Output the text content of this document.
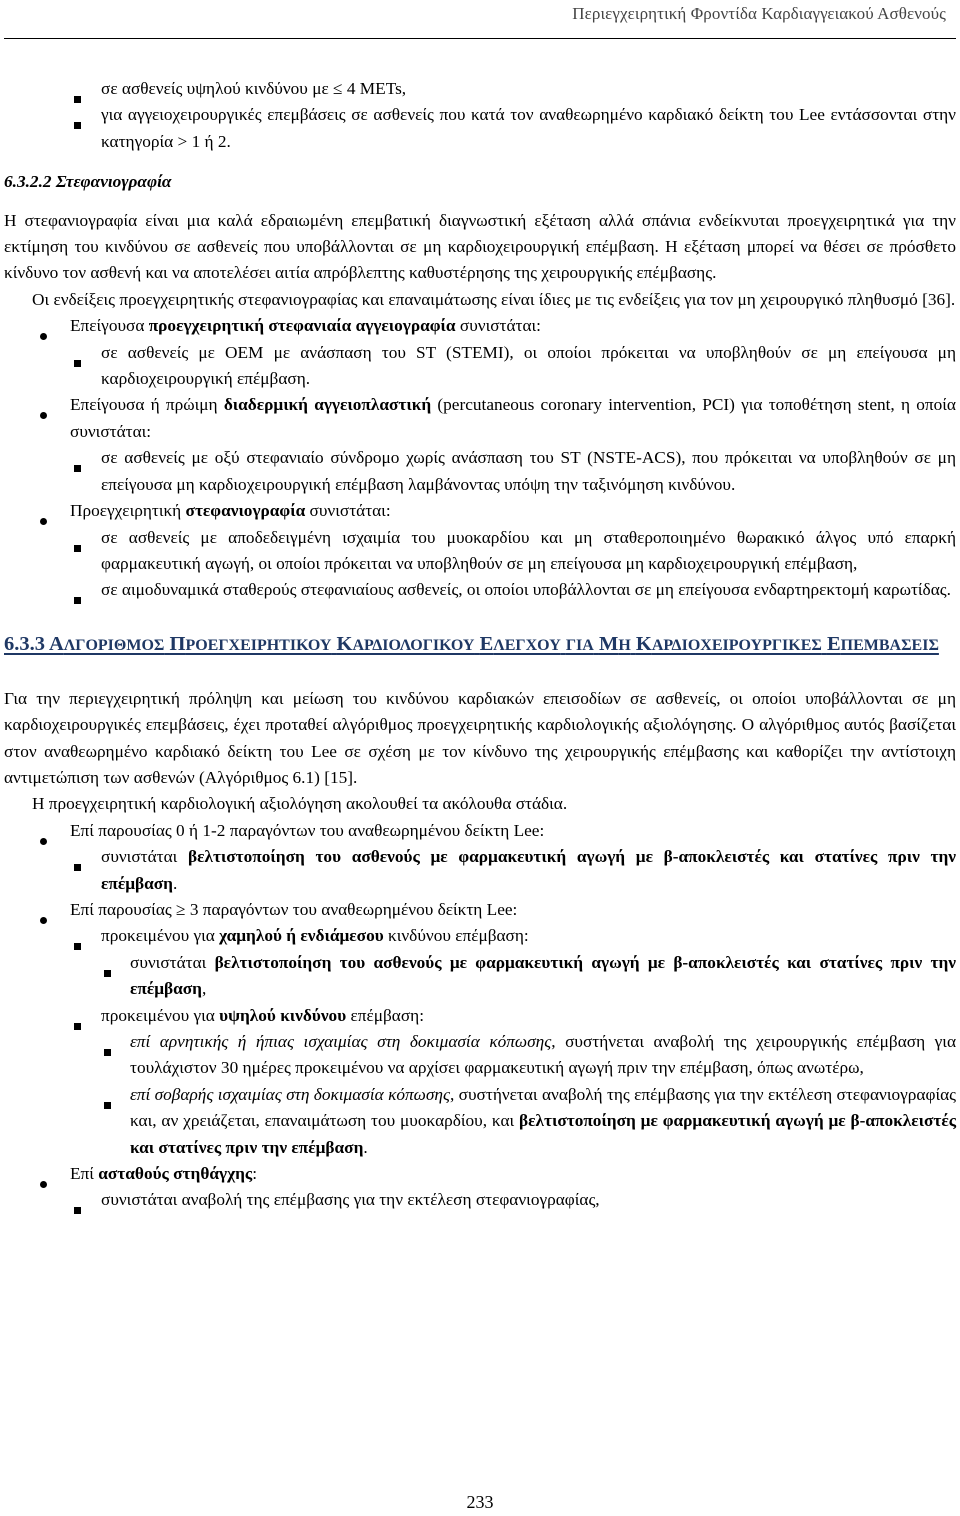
Περιεγχειρητική Φροντίδα Καρδιαγγειακού Ασθενούς
σε ασθενείς υψηλού κινδύνου με ≤ 4 METs,
για αγγειοχειρουργικές επεμβάσεις σε ασθενείς που κατά τον αναθεωρημένο καρδιακό δείκτη του Lee εντάσσονται στην κατηγορία > 1 ή 2.

6.3.2.2 Στεφανιογραφία

Η στεφανιογραφία είναι μια καλά εδραιωμένη επεμβατική διαγνωστική εξέταση αλλά σπάνια ενδείκνυται προεγχειρητικά για την εκτίμηση του κινδύνου σε ασθενείς που υποβάλλονται σε μη καρδιοχειρουργική επέμβαση. Η εξέταση μπορεί να θέσει σε πρόσθετο κίνδυνο τον ασθενή και να αποτελέσει αιτία απρόβλεπτης καθυστέρησης της χειρουργικής επέμβασης.

Οι ενδείξεις προεγχειρητικής στεφανιογραφίας και επαναιμάτωσης είναι ίδιες με τις ενδείξεις για τον μη χειρουργικό πληθυσμό [36].

Επείγουσα προεγχειρητική στεφανιαία αγγειογραφία συνιστάται:
σε ασθενείς με ΟΕΜ με ανάσπαση του ST (STEMI), οι οποίοι πρόκειται να υποβληθούν σε μη επείγουσα μη καρδιοχειρουργική επέμβαση.
Επείγουσα ή πρώιμη διαδερμική αγγειοπλαστική (percutaneous coronary intervention, PCI) για τοποθέτηση stent, η οποία συνιστάται:
σε ασθενείς με οξύ στεφανιαίο σύνδρομο χωρίς ανάσπαση του ST (NSTE-ACS), που πρόκειται να υποβληθούν σε μη επείγουσα μη καρδιοχειρουργική επέμβαση λαμβάνοντας υπόψη την ταξινόμηση κινδύνου.
Προεγχειρητική στεφανιογραφία συνιστάται:
σε ασθενείς με αποδεδειγμένη ισχαιμία του μυοκαρδίου και μη σταθεροποιημένο θωρακικό άλγος υπό επαρκή φαρμακευτική αγωγή, οι οποίοι πρόκειται να υποβληθούν σε μη επείγουσα μη καρδιοχειρουργική επέμβαση,
σε αιμοδυναμικά σταθερούς στεφανιαίους ασθενείς, οι οποίοι υποβάλλονται σε μη επείγουσα ενδαρτηρεκτομή καρωτίδας.

6.3.3 ΑΛΓΟΡΙΘΜΟΣ ΠΡΟΕΓΧΕΙΡΗΤΙΚΟΥ ΚΑΡΔΙΟΛΟΓΙΚΟΥ ΕΛΕΓΧΟΥ ΓΙΑ ΜΗ ΚΑΡΔΙΟΧΕΙΡΟΥΡΓΙΚΕΣ ΕΠΕΜΒΑΣΕΙΣ

Για την περιεγχειρητική πρόληψη και μείωση του κινδύνου καρδιακών επεισοδίων σε ασθενείς, οι οποίοι υποβάλλονται σε μη καρδιοχειρουργικές επεμβάσεις, έχει προταθεί αλγόριθμος προεγχειρητικής καρδιολογικής αξιολόγησης. Ο αλγόριθμος αυτός βασίζεται στον αναθεωρημένο καρδιακό δείκτη του Lee σε σχέση με τον κίνδυνο της χειρουργικής επέμβασης και καθορίζει την αντίστοιχη αντιμετώπιση των ασθενών (Αλγόριθμος 6.1) [15].

Η προεγχειρητική καρδιολογική αξιολόγηση ακολουθεί τα ακόλουθα στάδια.

Επί παρουσίας 0 ή 1-2 παραγόντων του αναθεωρημένου δείκτη Lee:
συνιστάται βελτιστοποίηση του ασθενούς με φαρμακευτική αγωγή με β-αποκλειστές και στατίνες πριν την επέμβαση.
Επί παρουσίας ≥ 3 παραγόντων του αναθεωρημένου δείκτη Lee:
προκειμένου για χαμηλού ή ενδιάμεσου κινδύνου επέμβαση:
συνιστάται βελτιστοποίηση του ασθενούς με φαρμακευτική αγωγή με β-αποκλειστές και στατίνες πριν την επέμβαση,
προκειμένου για υψηλού κινδύνου επέμβαση:
επί αρνητικής ή ήπιας ισχαιμίας στη δοκιμασία κόπωσης, συστήνεται αναβολή της χειρουργικής επέμβαση για τουλάχιστον 30 ημέρες προκειμένου να αρχίσει φαρμακευτική αγωγή πριν την επέμβαση, όπως ανωτέρω,
επί σοβαρής ισχαιμίας στη δοκιμασία κόπωσης, συστήνεται αναβολή της επέμβασης για την εκτέλεση στεφανιογραφίας και, αν χρειάζεται, επαναιμάτωση του μυοκαρδίου, και βελτιστοποίηση με φαρμακευτική αγωγή με β-αποκλειστές και στατίνες πριν την επέμβαση.
Επί ασταθούς στηθάγχης:
συνιστάται αναβολή της επέμβασης για την εκτέλεση στεφανιογραφίας,
233
